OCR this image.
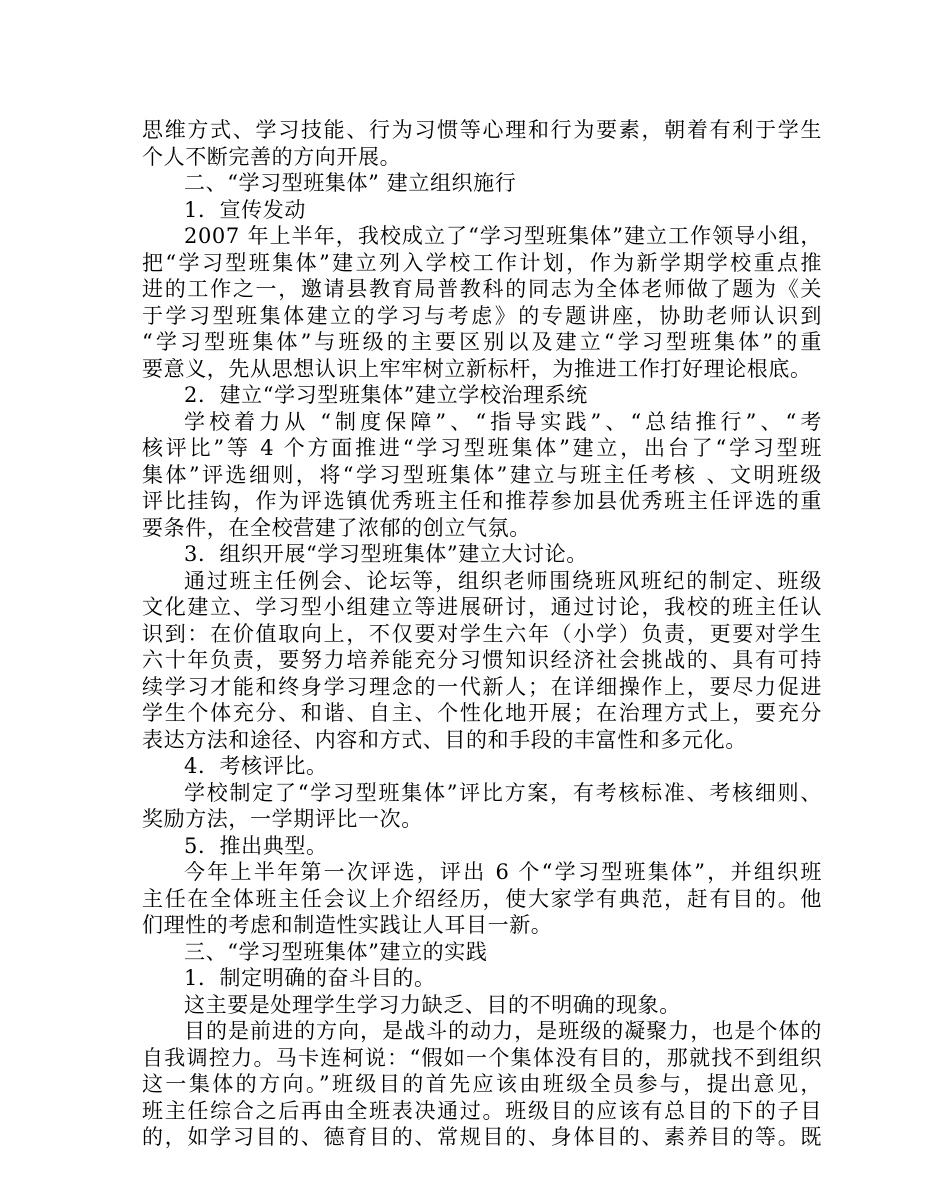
思维方式、学习技能、行为习惯等心理和行为要素，朝着有利于学生
个人不断完善的方向开展。
二、“学习型班集体” 建立组织施行
1．宣传发动
2007 年上半年，我校成立了“学习型班集体”建立工作领导小组，
把“学习型班集体”建立列入学校工作计划，作为新学期学校重点推
进的工作之一，邀请县教育局普教科的同志为全体老师做了题为《关
于学习型班集体建立的学习与考虑》的专题讲座，协助老师认识到
“学习型班集体”与班级的主要区别以及建立“学习型班集体”的重
要意义，先从思想认识上牢牢树立新标杆，为推进工作打好理论根底。
2．建立“学习型班集体”建立学校治理系统
学校着力从 “制度保障”、“指导实践”、“总结推行”、“考
核评比”等 4 个方面推进“学习型班集体”建立，出台了“学习型班
集体”评选细则，将“学习型班集体”建立与班主任考核 、文明班级
评比挂钩，作为评选镇优秀班主任和推荐参加县优秀班主任评选的重
要条件，在全校营建了浓郁的创立气氛。
3．组织开展“学习型班集体”建立大讨论。
通过班主任例会、论坛等，组织老师围绕班风班纪的制定、班级
文化建立、学习型小组建立等进展研讨，通过讨论，我校的班主任认
识到：在价值取向上，不仅要对学生六年（小学）负责，更要对学生
六十年负责，要努力培养能充分习惯知识经济社会挑战的、具有可持
续学习才能和终身学习理念的一代新人；在详细操作上，要尽力促进
学生个体充分、和谐、自主、个性化地开展；在治理方式上，要充分
表达方法和途径、内容和方式、目的和手段的丰富性和多元化。
4．考核评比。
学校制定了“学习型班集体”评比方案，有考核标准、考核细则、
奖励方法，一学期评比一次。
5．推出典型。
今年上半年第一次评选，评出 6 个“学习型班集体”，并组织班
主任在全体班主任会议上介绍经历，使大家学有典范，赶有目的。他
们理性的考虑和制造性实践让人耳目一新。
三、“学习型班集体”建立的实践
1．制定明确的奋斗目的。
这主要是处理学生学习力缺乏、目的不明确的现象。
目的是前进的方向，是战斗的动力，是班级的凝聚力，也是个体的
自我调控力。马卡连柯说：“假如一个集体没有目的，那就找不到组织
这一集体的方向。”班级目的首先应该由班级全员参与，提出意见，
班主任综合之后再由全班表决通过。班级目的应该有总目的下的子目
的，如学习目的、德育目的、常规目的、身体目的、素养目的等。既
